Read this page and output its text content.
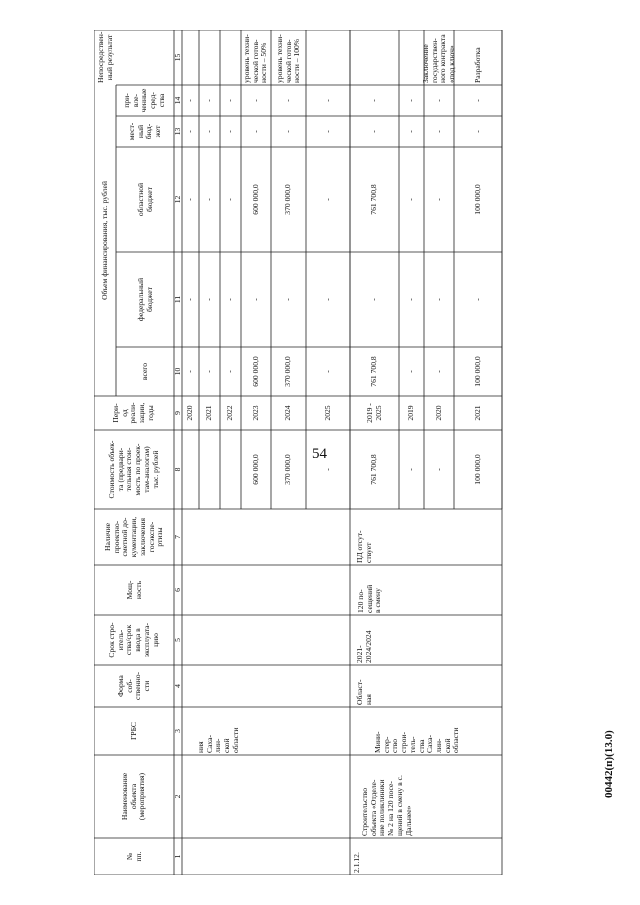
54
00442(п)(13.0)
Непосредствен-
ный результат
Объем финансирования, тыс. рублей
при-
вле-
ченные
сред-
ства
мест-
ный
бюд-
жет
областной
бюджет
федеральный
бюджет
всего
Пери-
од
реали-
зации,
годы
Стоимость объек-
та (предвари-
тельная стои-
мость по проек-
там-аналогам)
тыс. рублей
Наличие
проектно-
сметной до-
кументации,
заключения
госэкспе-
ртизы
Мощ-
ность
Срок стро-
итель-
ства/срок
ввода в
эксплуата-
цию
Форма
соб-
ственно-
сти
ГРБС
Наименование
объекта
(мероприятия)
№
пп.	1
2
3
4
5
6
7
8
9
10
11
12
13
14
15
ния
Саха-
лин-
ской
области
2020
-
-
-
-
-
2021
-
-
-
-
-
2022
-
-
-
-
-
600 000,0
2023
600 000,0
-
600 000,0
-
-
уровень техни-
ческой готов-
ности – 50%
370 000,0
2024
370 000,0
-
370 000,0
-
-
уровень техни-
ческой готов-
ности – 100%
-
2025
-
-
-
-
-
761 700,8
2019 -
2025
761 700,8
-
761 700,8
-
-
-
2019
-
-
-
-
-
-
2020
-
-
-
-
-
Заключение
государствен-
ного контракта
«под ключ»
100 000,0
2021
100 000,0
-
100 000,0
-
-
Разработка
2.1.12.
Строительство
объекта «Отделе-
ние поликлиники
№ 2 на 120 посе-
щений в смену в с.
Дальнее»
Мини-
стер-
ство
строи-
тель-
ства
Саха-
лин-
ской
области
Област-
ная
2021-
2024/2024
120 по-
сещений
в смену
ПД отсут-
ствует
